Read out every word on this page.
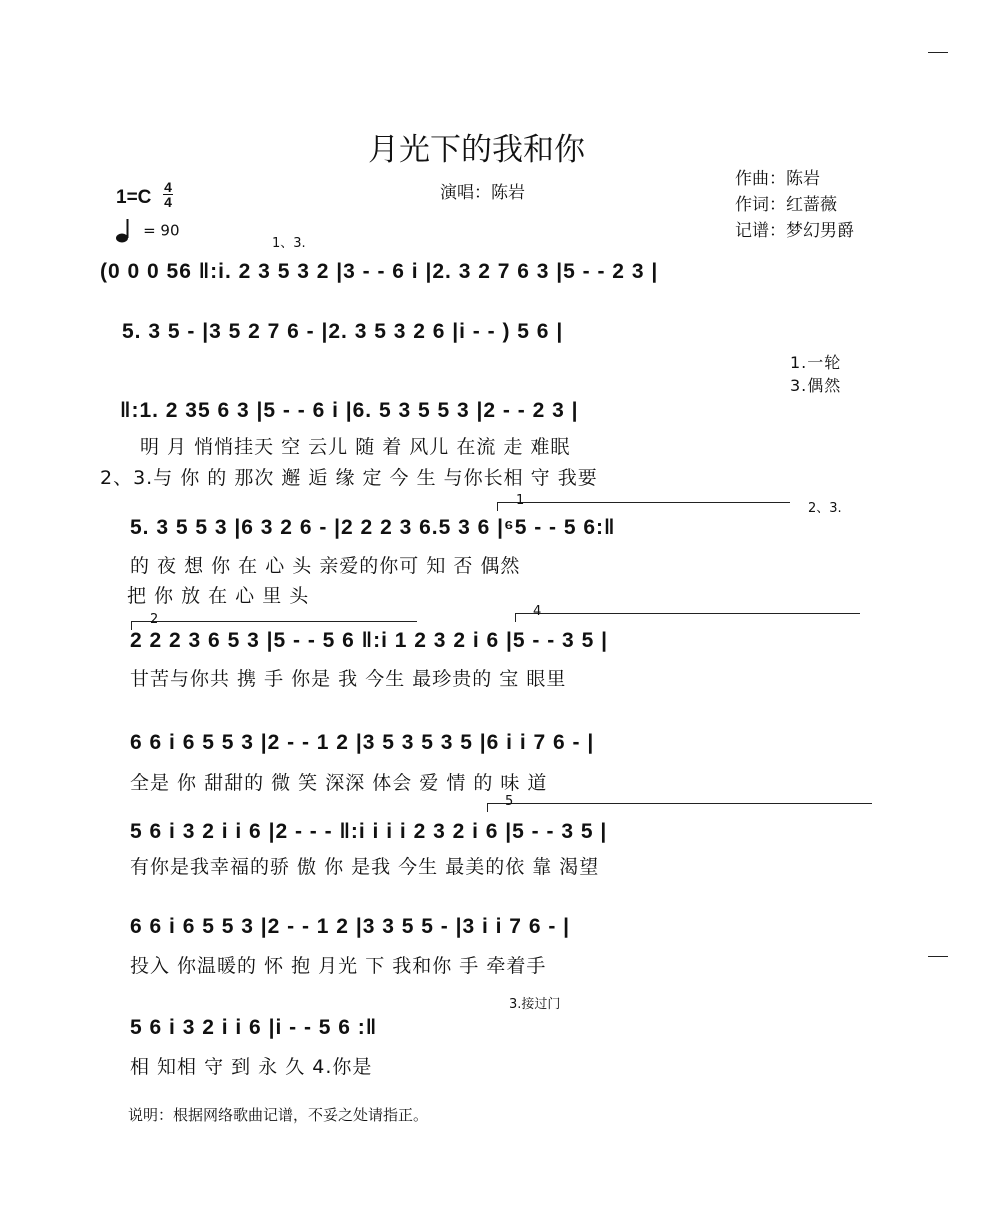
月光下的我和你
演唱：陈岩
作曲：陈岩
作词：红蔷薇
记谱：梦幻男爵
1=C 4
4
= 90
1、3.
1
2、3.
2
4
5
3.接过门
(0 0 0 56 ‖:i. 2 3 5 3 2 |3 - - 6 i |2. 3 2 7 6 3 |5 - - 2 3 |
5. 3 5 - |3 5 2 7 6 - |2. 3 5 3 2 6 |i - - ) 5 6 |
‖:1. 2 35 6 3 |5 - - 6 i |6. 5 3 5 5 3 |2 - - 2 3 |
5. 3 5 5 3 |6 3 2 6 - |2 2 2 3 6.5 3 6 |⁶5 - - 5 6:‖
2 2 2 3 6 5 3 |5 - - 5 6 ‖:i 1 2 3 2 i 6 |5 - - 3 5 |
6 6 i 6 5 5 3 |2 - - 1 2 |3 5 3 5 3 5 |6 i i 7 6 - |
5 6 i 3 2 i i 6 |2 - - - ‖:i i i i 2 3 2 i 6 |5 - - 3 5 |
6 6 i 6 5 5 3 |2 - - 1 2 |3 3 5 5 - |3 i i 7 6 - |
5 6 i 3 2 i i 6 |i - - 5 6 :‖
1.一轮
3.偶然
明 月 悄悄挂天 空 云儿 随 着 风儿 在流 走 难眠
2、3.与 你 的 那次 邂 逅 缘 定 今 生 与你长相 守 我要
的 夜 想 你 在 心 头 亲爱的你可 知 否 偶然
把 你 放 在 心 里 头
甘苦与你共 携 手 你是 我 今生 最珍贵的 宝 眼里
全是 你 甜甜的 微 笑 深深 体会 爱 情 的 味 道
有你是我幸福的骄 傲 你 是我 今生 最美的依 靠 渴望
投入 你温暖的 怀 抱 月光 下 我和你 手 牵着手
相 知相 守 到 永 久 4.你是
说明：根据网络歌曲记谱，不妥之处请指正。
